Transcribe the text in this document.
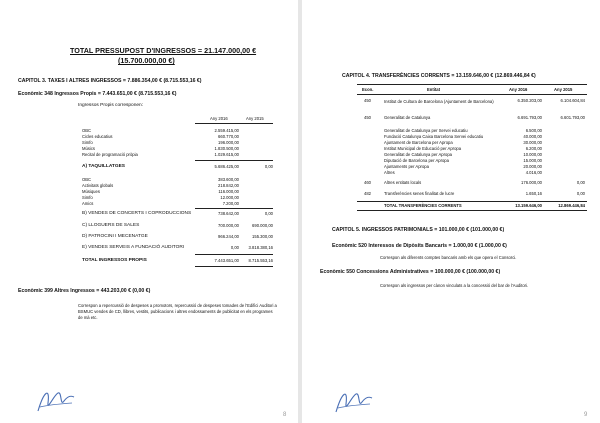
TOTAL PRESSUPOST D'INGRESSOS = 21.147.000,00 €
(15.700.000,00 €)
CAPITOL 3. TAXES I ALTRES INGRESSOS = 7.886.354,00 € (8.715.553,16 €)
Econòmic 348 Ingressos Propis = 7.443.651,00 € (8.715.553,16 €)
Ingressos Propis corresponen:
Any 2016	Any 2015
OBC	2.559.415,00
Cicles educatius	660.770,00
Simfo	196.000,00
Músics	1.830.500,00
Recital de programació pròpia	1.029.615,00
A) TAQUILLATGES	5.686.425,00	0,00
OBC	383.600,00
Activitats globals	218.842,00
Músiques	116.000,00
Simfo	12.000,00
Amics	7.200,00
B) VENDES DE CONCERTS I COPRODUCCIONS	738.642,00	0,00
C) LLOGUERS DE SALES	700.000,00	690.000,00
D) PATROCINI I MECENATGE	966.244,00	155.300,00
E) VENDES SERVEIS A FUNDACIÓ AUDITORI	0,00	3.818.380,16
TOTAL INGRESSOS PROPIS	7.443.651,00	8.715.553,16
Econòmic 399 Altres Ingressos = 443.203,00 € (0,00 €)
Correspon a repercussió de despeses a promotors, repercussió de despeses tomades de l'Edifici Auditori a BSMUC vendes de CD, llibres, vestits, publicacions i altres endossaments de publicitat en els programes de mà etc.
8
CAPITOL 4. TRANSFERÈNCIES CORRENTS = 13.159.646,00 € (12.869.446,84 €)
Econ.	Entitat	Any 2016	Any 2015
450	Institut de Cultura de Barcelona (Ajuntament de Barcelona)	6.350.203,00	6.104.604,84
450	Generalitat de Catalunya	6.691.793,00	6.601.793,00
Generalitat de Catalunya per Servei educatiu	6.500,00
Fundació Catalunya Caixa Barcelona Servei educatiu	40.000,00
Ajuntament de Barcelona per Apropa	30.000,00
Institut Municipal de Educació per Apropa	6.200,00
Generalitat de Catalunya per Apropa	10.000,00
Diputació de Barcelona per Apropa	15.000,00
Ajuntaments per Apropa	20.000,00
Altres	4.016,00
460	Altres entitats locals	176.000,00	0,00
482	Transferències senes finalitat de lucre	1.650,16	0,00
TOTAL TRANSFERÈNCIES CORRENTS	13.159.646,00	12.869.446,84
CAPITOL 5. INGRESSOS PATRIMONIALS = 101.000,00 € (101.000,00 €)
Econòmic 520 Interessos de Dipòsits Bancaris = 1.000,00 € (1.000,00 €)
Correspon als diferents comptes bancaris amb els que opera el Consorci.
Econòmic 550 Concessions Administratives = 100.000,00 € (100.000,00 €)
Correspon als ingressos per cànon vinculats a la concessió del bar de l'Auditori.
9
